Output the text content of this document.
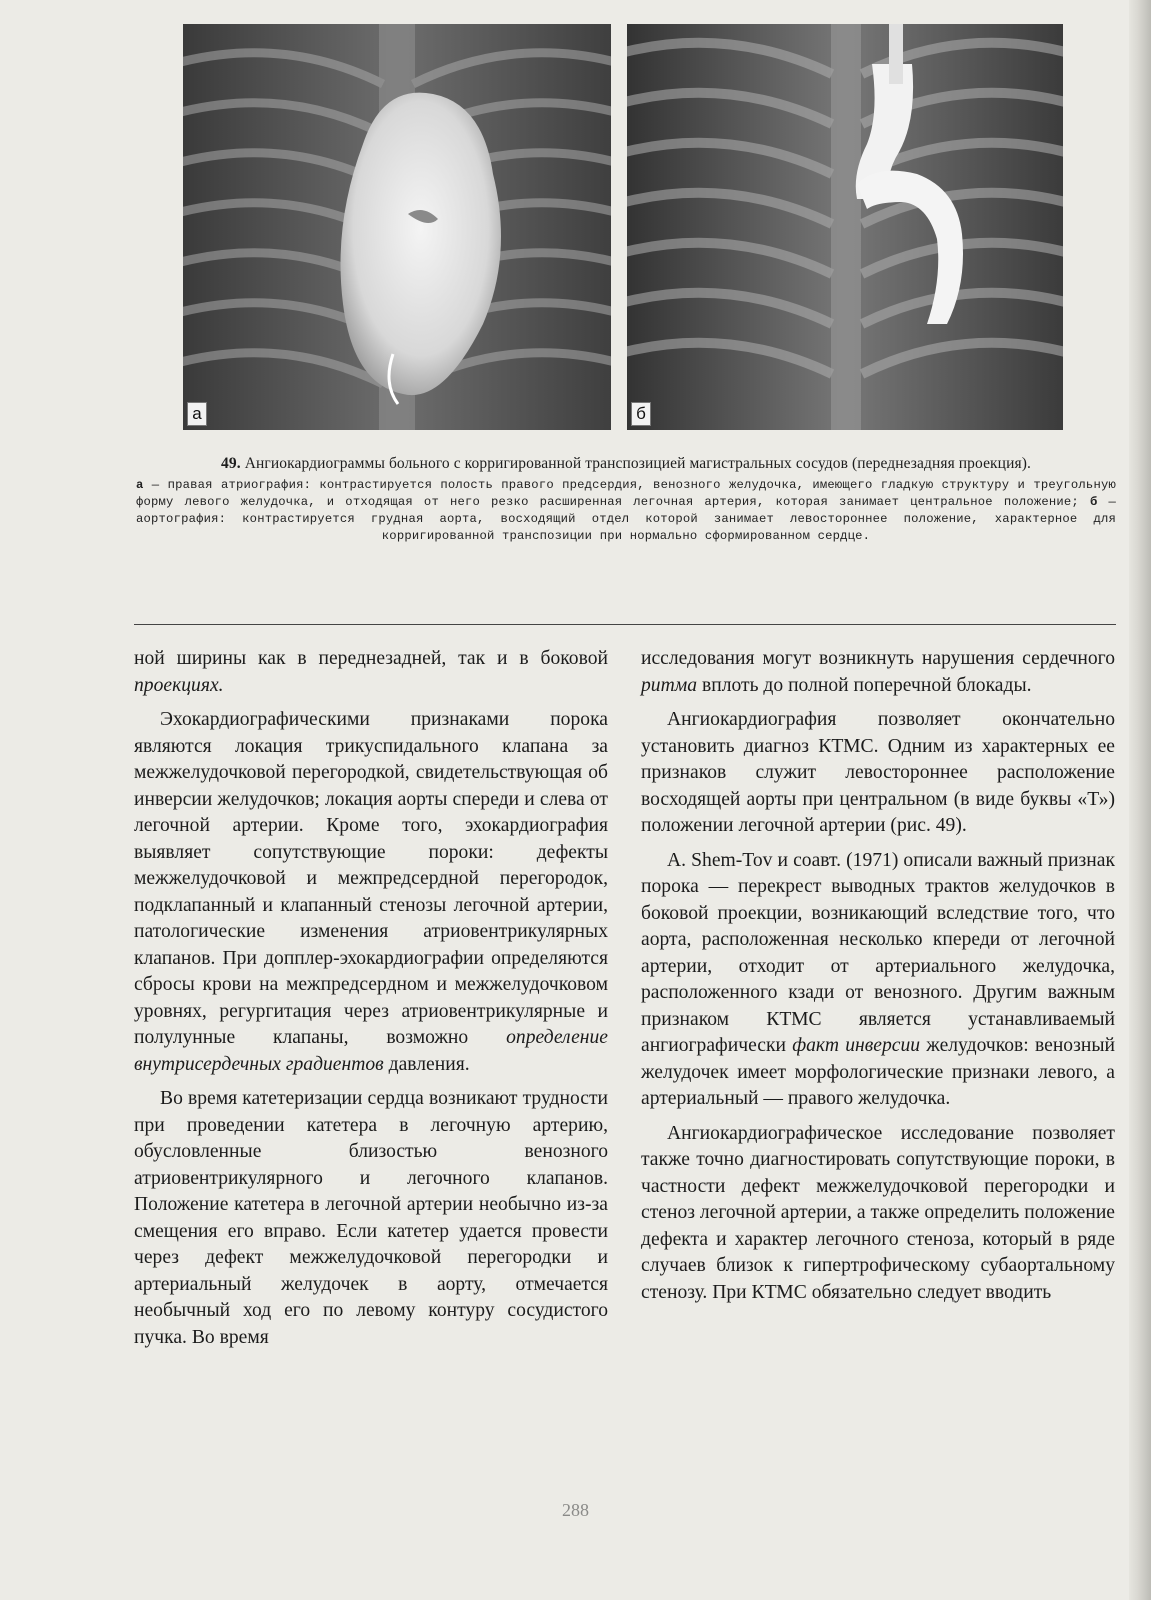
а	б
49. Ангиокардиограммы больного с корригированной транспозицией магистральных сосудов (переднезадняя проекция).
а — правая атриография: контрастируется полость правого предсердия, венозного желудочка, имеющего гладкую структуру и треугольную форму левого желудочка, и отходящая от него резко расширенная легочная артерия, которая занимает центральное положение; б — аортография: контрастируется грудная аорта, восходящий отдел которой занимает левостороннее положение, характерное для корригированной транспозиции при нормально сформированном сердце.

ной ширины как в переднезадней, так и в боковой проекциях.

Эхокардиографическими признаками порока являются локация трикуспидального клапана за межжелудочковой перегородкой, свидетельствующая об инверсии желудочков; локация аорты спереди и слева от легочной артерии. Кроме того, эхокардиография выявляет сопутствующие пороки: дефекты межжелудочковой и межпредсердной перегородок, подклапанный и клапанный стенозы легочной артерии, патологические изменения атриовентрикулярных клапанов. При допплер-эхокардиографии определяются сбросы крови на межпредсердном и межжелудочковом уровнях, регургитация через атриовентрикулярные и полулунные клапаны, возможно определение внутрисердечных градиентов давления.

Во время катетеризации сердца возникают трудности при проведении катетера в легочную артерию, обусловленные близостью венозного атриовентрикулярного и легочного клапанов. Положение катетера в легочной артерии необычно из-за смещения его вправо. Если катетер удается провести через дефект межжелудочковой перегородки и артериальный желудочек в аорту, отмечается необычный ход его по левому контуру сосудистого пучка. Во время

исследования могут возникнуть нарушения сердечного ритма вплоть до полной поперечной блокады.

Ангиокардиография позволяет окончательно установить диагноз КТМС. Одним из характерных ее признаков служит левостороннее расположение восходящей аорты при центральном (в виде буквы «Т») положении легочной артерии (рис. 49).

A. Shem-Tov и соавт. (1971) описали важный признак порока — перекрест выводных трактов желудочков в боковой проекции, возникающий вследствие того, что аорта, расположенная несколько кпереди от легочной артерии, отходит от артериального желудочка, расположенного кзади от венозного. Другим важным признаком КТМС является устанавливаемый ангиографически факт инверсии желудочков: венозный желудочек имеет морфологические признаки левого, а артериальный — правого желудочка.

Ангиокардиографическое исследование позволяет также точно диагностировать сопутствующие пороки, в частности дефект межжелудочковой перегородки и стеноз легочной артерии, а также определить положение дефекта и характер легочного стеноза, который в ряде случаев близок к гипертрофическому субаортальному стенозу. При КТМС обязательно следует вводить

288
